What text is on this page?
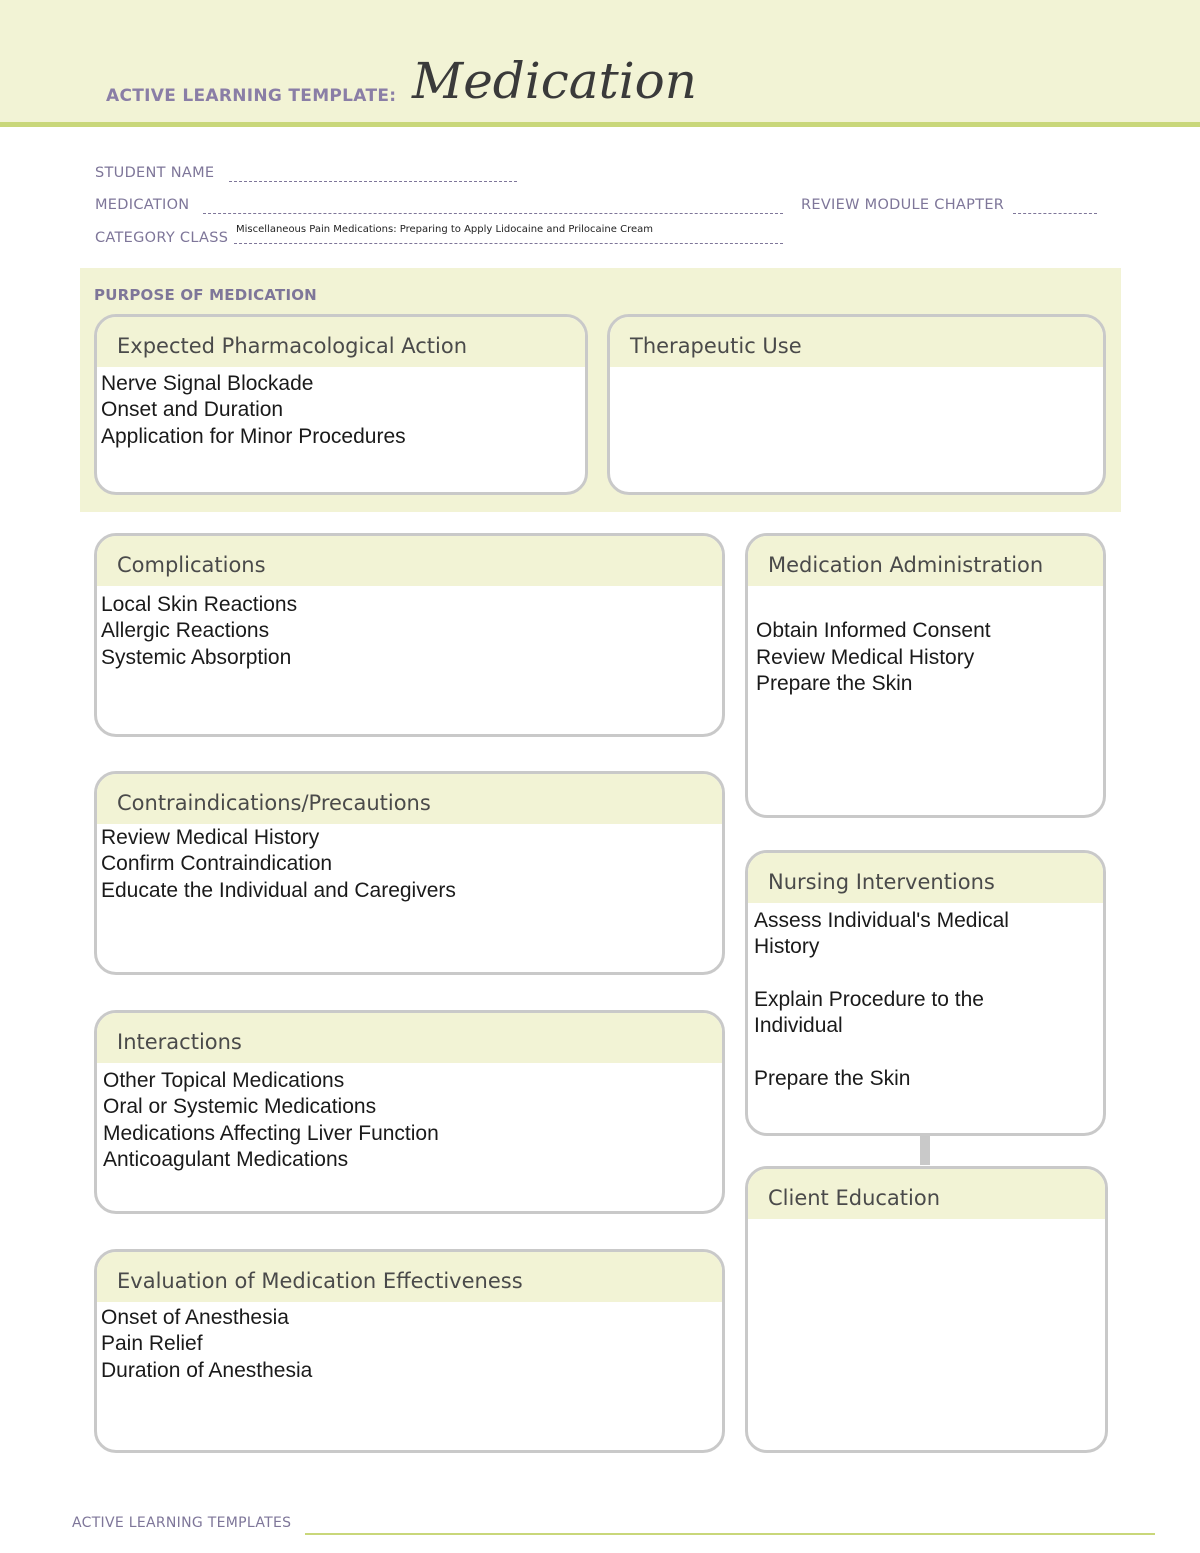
ACTIVE LEARNING TEMPLATE: Medication
STUDENT NAME
MEDICATION	REVIEW MODULE CHAPTER
CATEGORY CLASS
Miscellaneous Pain Medications: Preparing to Apply Lidocaine and Prilocaine Cream
PURPOSE OF MEDICATION
Expected Pharmacological Action
Nerve Signal Blockade
Onset and Duration
Application for Minor Procedures
Therapeutic Use
Complications
Local Skin Reactions
Allergic Reactions
Systemic Absorption
Contraindications/Precautions
Review Medical History
Confirm Contraindication
Educate the Individual and Caregivers
Interactions
Other Topical Medications
Oral or Systemic Medications
Medications Affecting Liver Function
Anticoagulant Medications
Evaluation of Medication Effectiveness
Onset of Anesthesia
Pain Relief
Duration of Anesthesia
Medication Administration
Obtain Informed Consent
Review Medical History
Prepare the Skin
Nursing Interventions
Assess Individual's Medical
History
Explain Procedure to the
Individual
Prepare the Skin
Client Education
ACTIVE LEARNING TEMPLATES
